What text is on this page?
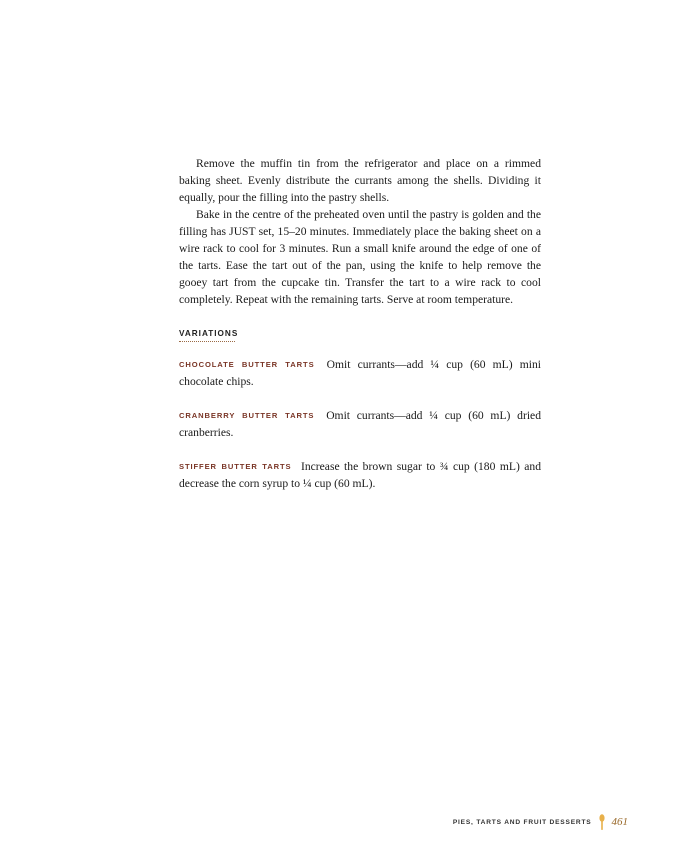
Remove the muffin tin from the refrigerator and place on a rimmed baking sheet. Evenly distribute the currants among the shells. Dividing it equally, pour the filling into the pastry shells.

Bake in the centre of the preheated oven until the pastry is golden and the filling has JUST set, 15–20 minutes. Immediately place the baking sheet on a wire rack to cool for 3 minutes. Run a small knife around the edge of one of the tarts. Ease the tart out of the pan, using the knife to help remove the gooey tart from the cupcake tin. Transfer the tart to a wire rack to cool completely. Repeat with the remaining tarts. Serve at room temperature.

VARIATIONS

CHOCOLATE BUTTER TARTS Omit currants—add ¼ cup (60 mL) mini chocolate chips.

CRANBERRY BUTTER TARTS Omit currants—add ¼ cup (60 mL) dried cranberries.

STIFFER BUTTER TARTS Increase the brown sugar to ¾ cup (180 mL) and decrease the corn syrup to ¼ cup (60 mL).

PIES, TARTS AND FRUIT DESSERTS 461
